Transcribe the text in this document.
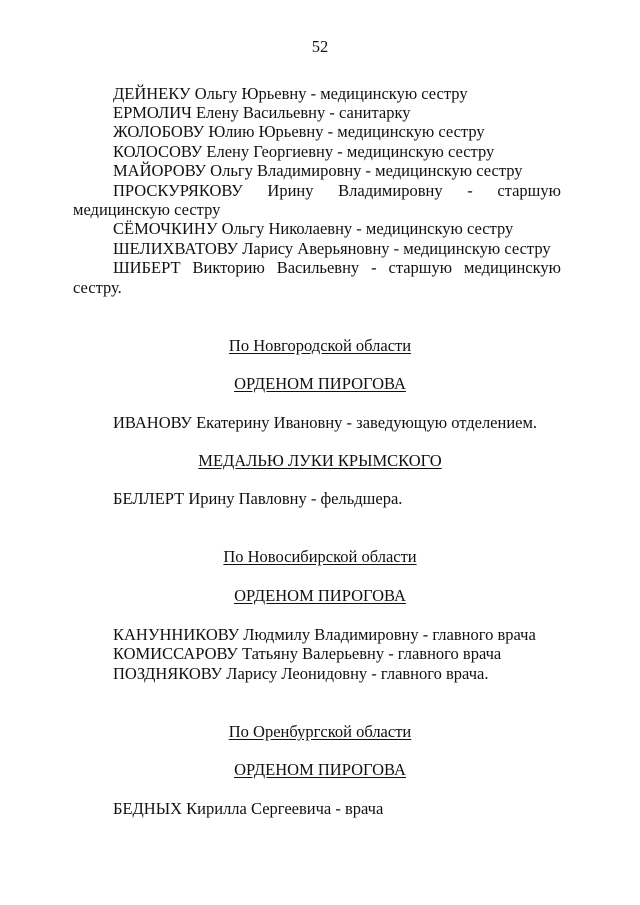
52
ДЕЙНЕКУ Ольгу Юрьевну - медицинскую сестру
ЕРМОЛИЧ Елену Васильевну - санитарку
ЖОЛОБОВУ Юлию Юрьевну - медицинскую сестру
КОЛОСОВУ Елену Георгиевну - медицинскую сестру
МАЙОРОВУ Ольгу Владимировну - медицинскую сестру
ПРОСКУРЯКОВУ Ирину Владимировну - старшую
медицинскую сестру
СЁМОЧКИНУ Ольгу Николаевну - медицинскую сестру
ШЕЛИХВАТОВУ Ларису Аверьяновну - медицинскую сестру
ШИБЕРТ Викторию Васильевну - старшую медицинскую
сестру.
По Новгородской области
ОРДЕНОМ ПИРОГОВА
ИВАНОВУ Екатерину Ивановну - заведующую отделением.
МЕДАЛЬЮ ЛУКИ КРЫМСКОГО
БЕЛЛЕРТ Ирину Павловну - фельдшера.
По Новосибирской области
ОРДЕНОМ ПИРОГОВА
КАНУННИКОВУ Людмилу Владимировну - главного врача
КОМИССАРОВУ Татьяну Валерьевну - главного врача
ПОЗДНЯКОВУ Ларису Леонидовну - главного врача.
По Оренбургской области
ОРДЕНОМ ПИРОГОВА
БЕДНЫХ Кирилла Сергеевича - врача
